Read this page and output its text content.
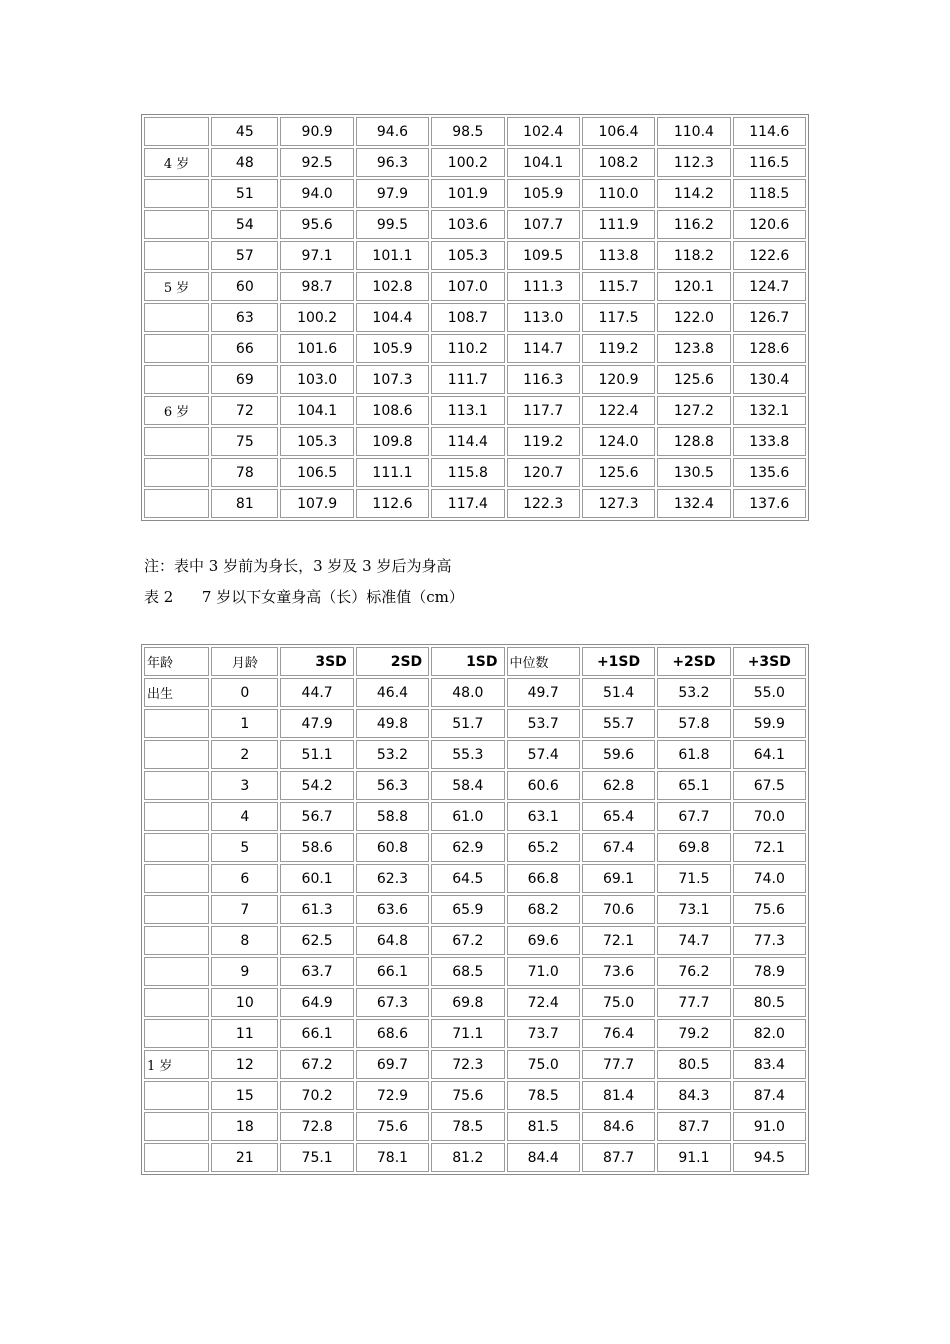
	45	90.9	94.6	98.5	102.4	106.4	110.4	114.6
4 岁	48	92.5	96.3	100.2	104.1	108.2	112.3	116.5
	51	94.0	97.9	101.9	105.9	110.0	114.2	118.5
	54	95.6	99.5	103.6	107.7	111.9	116.2	120.6
	57	97.1	101.1	105.3	109.5	113.8	118.2	122.6
5 岁	60	98.7	102.8	107.0	111.3	115.7	120.1	124.7
	63	100.2	104.4	108.7	113.0	117.5	122.0	126.7
	66	101.6	105.9	110.2	114.7	119.2	123.8	128.6
	69	103.0	107.3	111.7	116.3	120.9	125.6	130.4
6 岁	72	104.1	108.6	113.1	117.7	122.4	127.2	132.1
	75	105.3	109.8	114.4	119.2	124.0	128.8	133.8
	78	106.5	111.1	115.8	120.7	125.6	130.5	135.6
	81	107.9	112.6	117.4	122.3	127.3	132.4	137.6
注：表中 3 岁前为身长，3 岁及 3 岁后为身高
表 2      7 岁以下女童身高（长）标准值（cm）
年龄	月龄	3SD	2SD	1SD	中位数	+1SD	+2SD	+3SD
出生	0	44.7	46.4	48.0	49.7	51.4	53.2	55.0
	1	47.9	49.8	51.7	53.7	55.7	57.8	59.9
	2	51.1	53.2	55.3	57.4	59.6	61.8	64.1
	3	54.2	56.3	58.4	60.6	62.8	65.1	67.5
	4	56.7	58.8	61.0	63.1	65.4	67.7	70.0
	5	58.6	60.8	62.9	65.2	67.4	69.8	72.1
	6	60.1	62.3	64.5	66.8	69.1	71.5	74.0
	7	61.3	63.6	65.9	68.2	70.6	73.1	75.6
	8	62.5	64.8	67.2	69.6	72.1	74.7	77.3
	9	63.7	66.1	68.5	71.0	73.6	76.2	78.9
	10	64.9	67.3	69.8	72.4	75.0	77.7	80.5
	11	66.1	68.6	71.1	73.7	76.4	79.2	82.0
1 岁	12	67.2	69.7	72.3	75.0	77.7	80.5	83.4
	15	70.2	72.9	75.6	78.5	81.4	84.3	87.4
	18	72.8	75.6	78.5	81.5	84.6	87.7	91.0
	21	75.1	78.1	81.2	84.4	87.7	91.1	94.5
